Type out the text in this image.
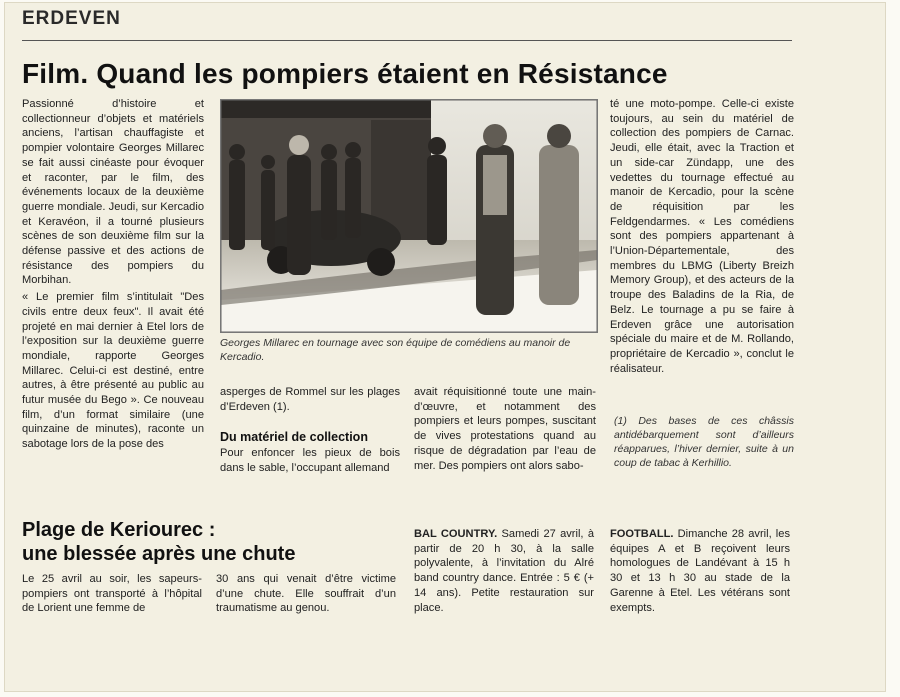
ERDEVEN
Film. Quand les pompiers étaient en Résistance

Passionné d’histoire et collectionneur d’objets et matériels anciens, l’artisan chauffagiste et pompier volontaire Georges Millarec se fait aussi cinéaste pour évoquer et raconter, par le film, des événements locaux de la deuxième guerre mondiale. Jeudi, sur Kercadio et Keravéon, il a tourné plusieurs scènes de son deuxième film sur la défense passive et des actions de résistance des pompiers du Morbihan.

« Le premier film s’intitulait "Des civils entre deux feux". Il avait été projeté en mai dernier à Etel lors de l’exposition sur la deuxième guerre mondiale, rapporte Georges Millarec. Celui-ci est destiné, entre autres, à être présenté au public au futur musée du Bego ». Ce nouveau film, d’un format similaire (une quinzaine de minutes), raconte un sabotage lors de la pose des

Georges Millarec en tournage avec son équipe de comédiens au manoir de Kercadio.

asperges de Rommel sur les plages d’Erdeven (1).

Du matériel de collection

Pour enfoncer les pieux de bois dans le sable, l’occupant allemand

avait réquisitionné toute une main-d’œuvre, et notamment des pompiers et leurs pompes, suscitant de vives protestations quand au risque de dégradation par l’eau de mer. Des pompiers ont alors sabo-

té une moto-pompe. Celle-ci existe toujours, au sein du matériel de collection des pompiers de Carnac. Jeudi, elle était, avec la Traction et un side-car Zündapp, une des vedettes du tournage effectué au manoir de Kercadio, pour la scène de réquisition par les Feldgendarmes. « Les comédiens sont des pompiers appartenant à l’Union-Départementale, des membres du LBMG (Liberty Breizh Memory Group), et des acteurs de la troupe des Baladins de la Ria, de Belz. Le tournage a pu se faire à Erdeven grâce une autorisation spéciale du maire et de M. Rollando, propriétaire de Kercadio », conclut le réalisateur.

(1) Des bases de ces châssis antidébarquement sont d’ailleurs réapparues, l’hiver dernier, suite à un coup de tabac à Kerhillio.
Plage de Keriourec :
une blessée après une chute

Le 25 avril au soir, les sapeurs-pompiers ont transporté à l’hôpital de Lorient une femme de

30 ans qui venait d’être victime d’une chute. Elle souffrait d’un traumatisme au genou.

BAL COUNTRY. Samedi 27 avril, à partir de 20 h 30, à la salle polyvalente, à l’invitation du Alré band country dance. Entrée : 5 € (+ 14 ans). Petite restauration sur place.

FOOTBALL. Dimanche 28 avril, les équipes A et B reçoivent leurs homologues de Landévant à 15 h 30 et 13 h 30 au stade de la Garenne à Etel. Les vétérans sont exempts.
